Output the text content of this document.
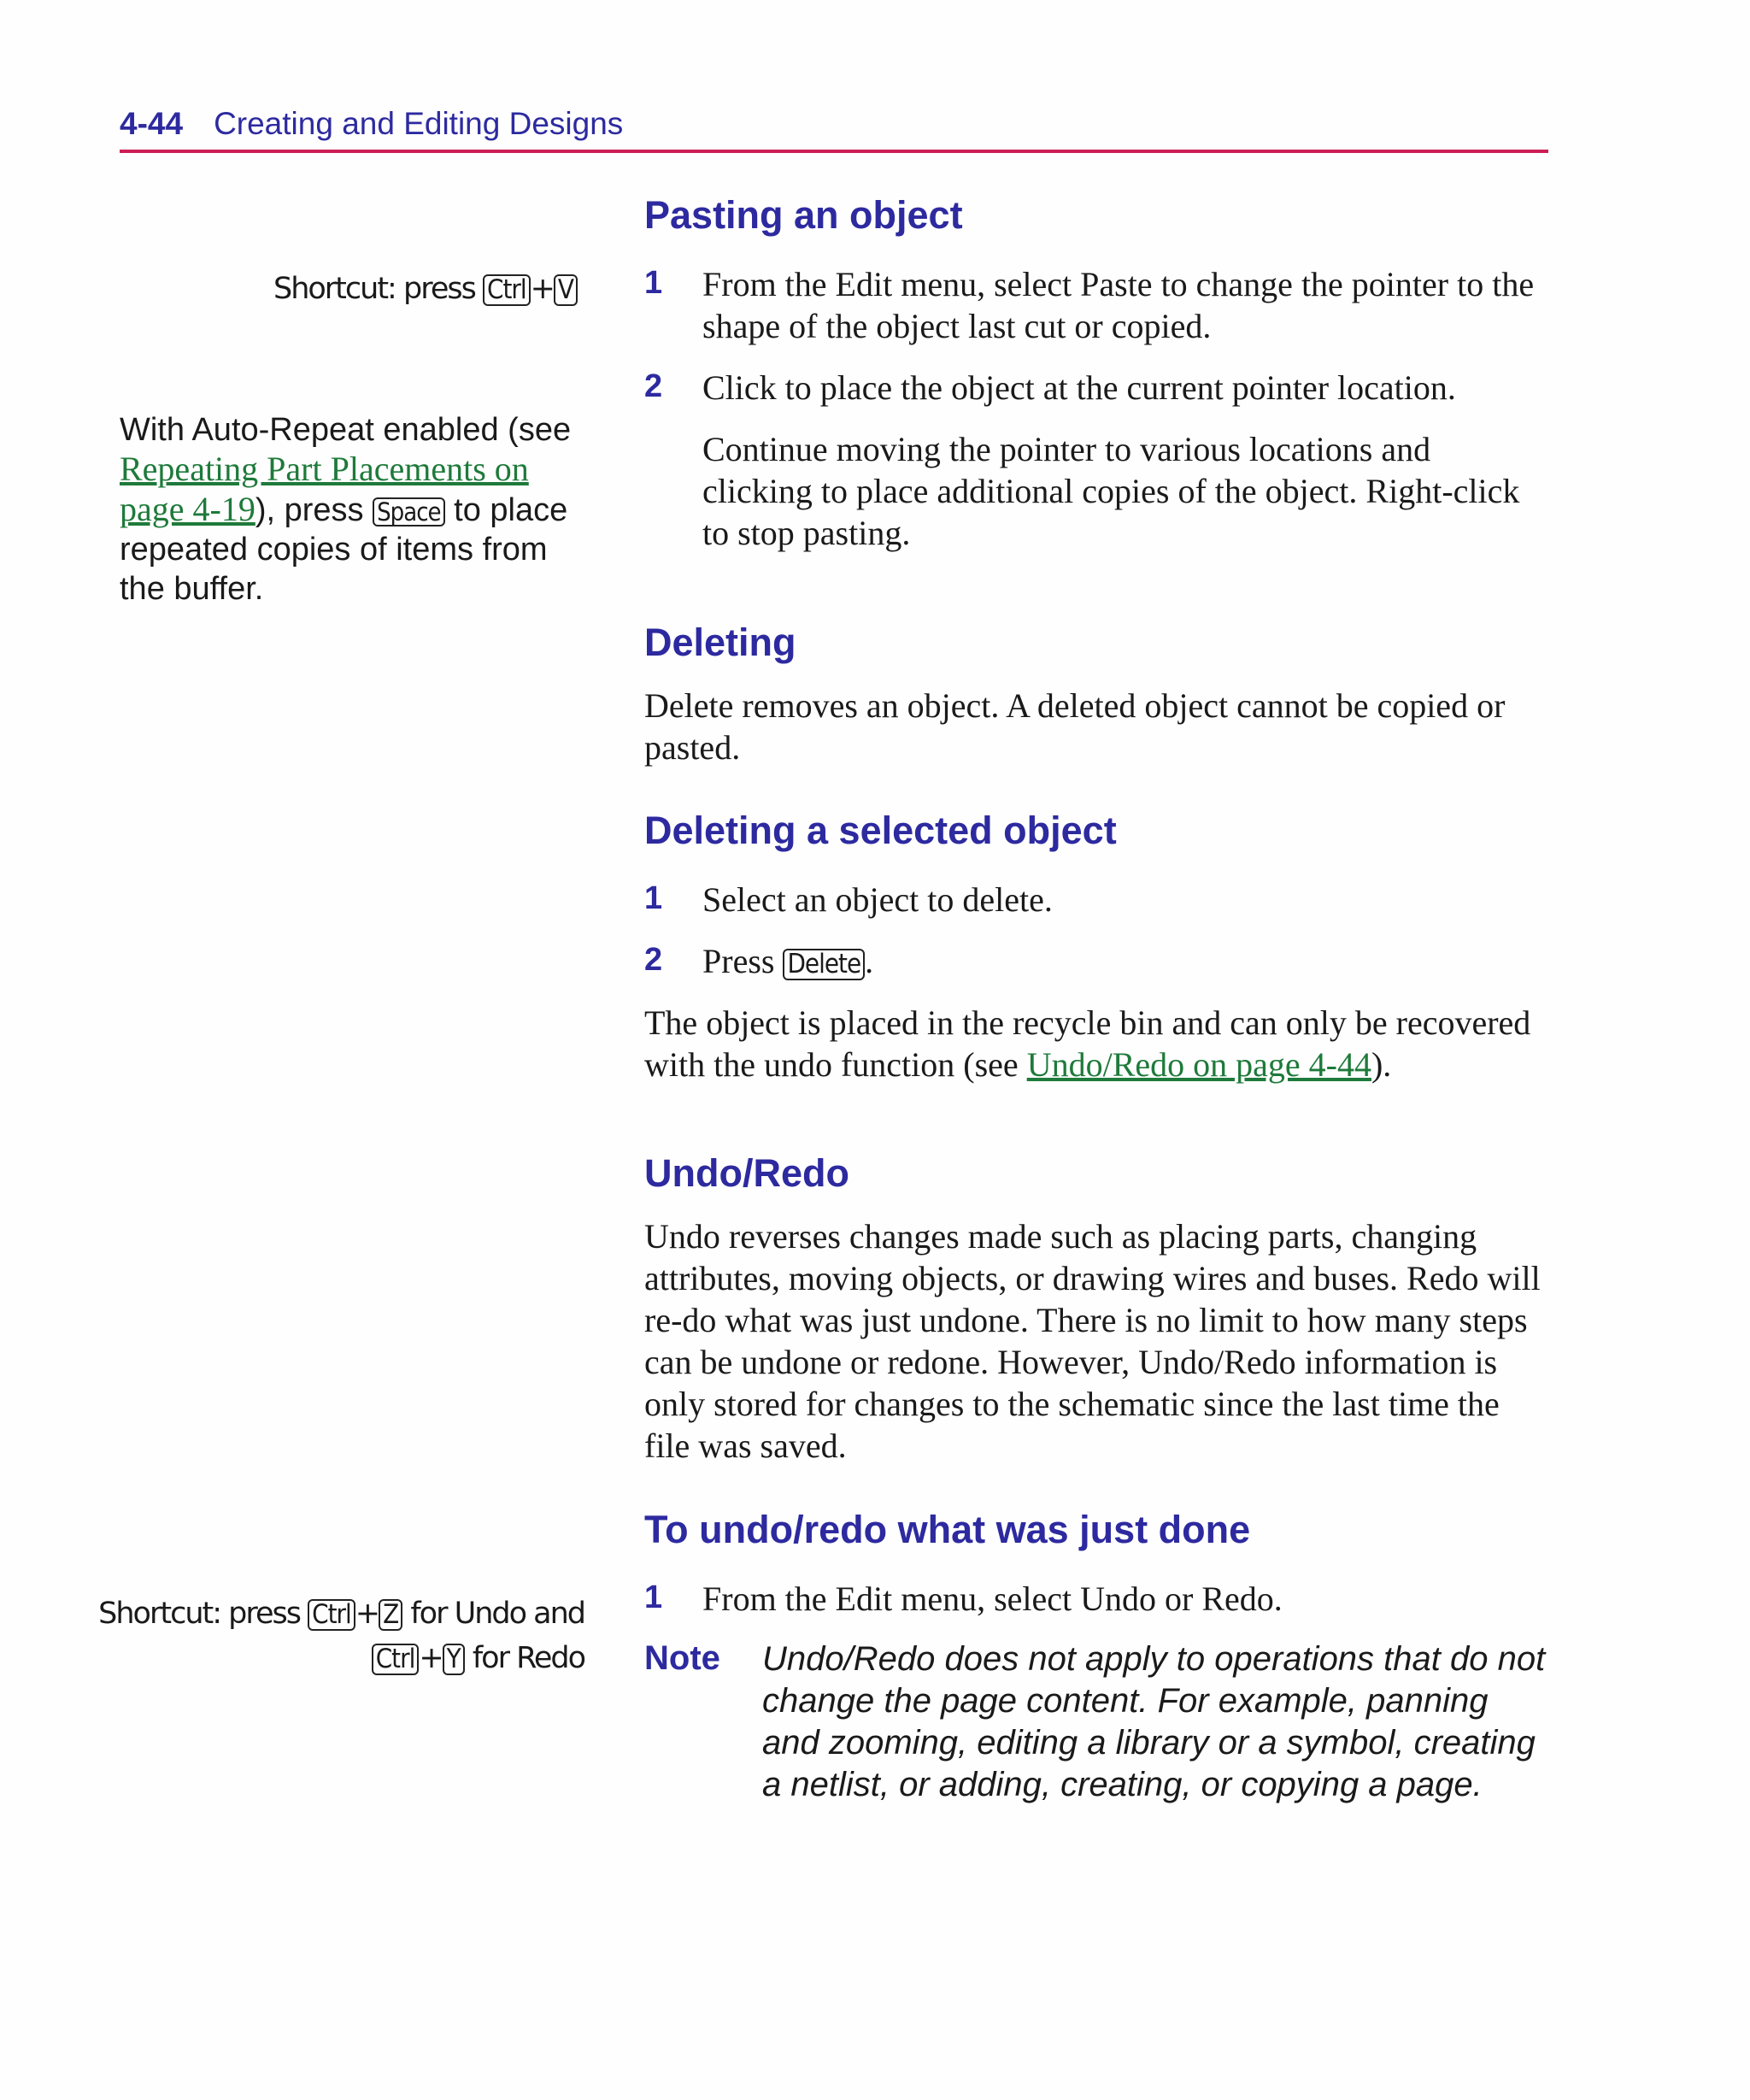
4-44 Creating and Editing Designs
Shortcut: press Ctrl + V
With Auto-Repeat enabled (see Repeating Part Placements on page 4-19), press Space to place repeated copies of items from the buffer.
Shortcut: press Ctrl + Z for Undo and
Ctrl + Y for Redo
Pasting an object
1 From the Edit menu, select Paste to change the pointer to the shape of the object last cut or copied.
2 Click to place the object at the current pointer location.
Continue moving the pointer to various locations and clicking to place additional copies of the object. Right-click to stop pasting.
Deleting
Delete removes an object. A deleted object cannot be copied or pasted.
Deleting a selected object
1 Select an object to delete.
2 Press Delete .
The object is placed in the recycle bin and can only be recovered with the undo function (see Undo/Redo on page 4-44).
Undo/Redo
Undo reverses changes made such as placing parts, changing attributes, moving objects, or drawing wires and buses. Redo will re-do what was just undone. There is no limit to how many steps can be undone or redone. However, Undo/Redo information is only stored for changes to the schematic since the last time the file was saved.
To undo/redo what was just done
1 From the Edit menu, select Undo or Redo.
Note Undo/Redo does not apply to operations that do not change the page content. For example, panning and zooming, editing a library or a symbol, creating a netlist, or adding, creating, or copying a page.
